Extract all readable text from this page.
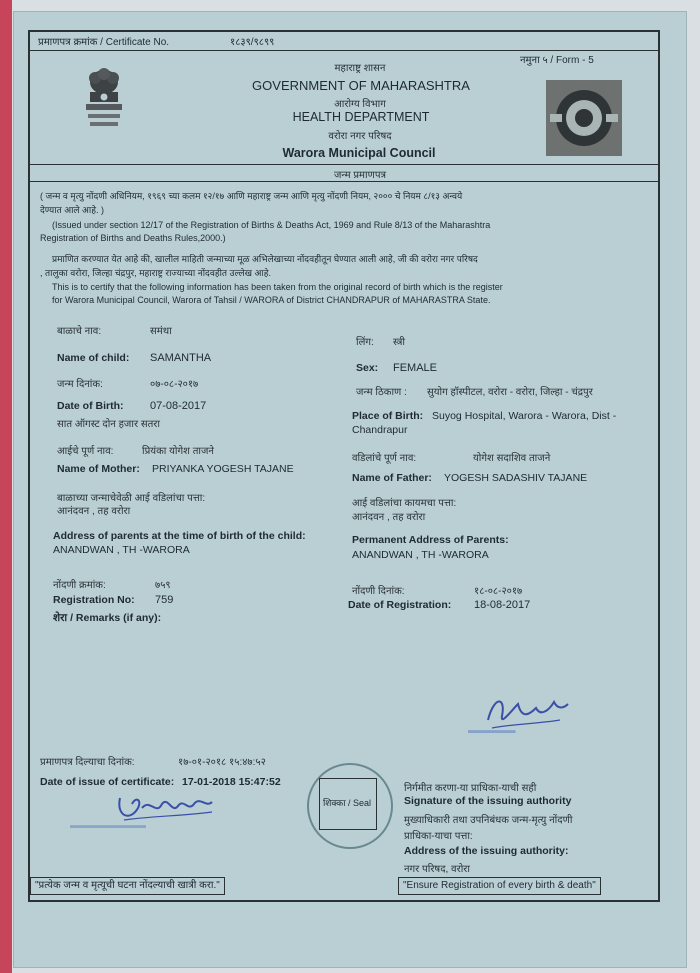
प्रमाणपत्र क्रमांक / Certificate No.	१८३९/९८९९
नमुना ५ / Form - 5
महाराष्ट्र शासन
GOVERNMENT OF MAHARASHTRA
आरोग्य विभाग
HEALTH DEPARTMENT
वरोरा नगर परिषद
Warora Municipal Council
जन्म प्रमाणपत्र
( जन्म व मृत्यु नोंदणी अधिनियम, १९६९ च्या कलम १२/१७ आणि महाराष्ट्र जन्म आणि मृत्यु नोंदणी नियम, २००० चे नियम ८/१३ अन्वये
देण्यात आले आहे. )
(Issued under section 12/17 of the Registration of Births & Deaths Act, 1969 and Rule 8/13 of the Maharashtra
Registration of Births and Deaths Rules,2000.)
प्रमाणित करण्यात येत आहे की, खालील माहिती जन्माच्या मूळ अभिलेखाच्या नोंदवहीतून घेण्यात आली आहे, जी की वरोरा नगर परिषद
, तालुका वरोरा, जिल्हा चंद्रपुर, महाराष्ट्र राज्याच्या नोंदवहीत उल्लेख आहे.
This is to certify that the following information has been taken from the original record of birth which is the register
for Warora Municipal Council, Warora of Tahsil / WARORA of District CHANDRAPUR of MAHARASTRA State.
बाळाचे नाव:	समंथा
Name of child: SAMANTHA
लिंग: स्त्री
Sex: FEMALE
जन्म दिनांक:	०७-०८-२०१७
Date of Birth: 07-08-2017
सात ऑगस्ट दोन हजार सतरा
जन्म ठिकाण : सुयोग हॉस्पीटल, वरोरा - वरोरा, जिल्हा - चंद्रपुर
Place of Birth: Suyog Hospital, Warora - Warora, Dist -
Chandrapur
आईचे पूर्ण नाव:	प्रियंका योगेश ताजने
Name of Mother: PRIYANKA YOGESH TAJANE
वडिलांचे पूर्ण नाव:	योगेश सदाशिव ताजने
Name of Father: YOGESH SADASHIV TAJANE
बाळाच्या जन्माचेवेळी आई वडिलांचा पत्ता:
आनंदवन , तह वरोरा
Address of parents at the time of birth of the child:
ANANDWAN , TH -WARORA
आई वडिलांचा कायमचा पत्ता:
आनंदवन , तह वरोरा
Permanent Address of Parents:
ANANDWAN , TH -WARORA
नोंदणी क्रमांक:	७५९
Registration No: 759
नोंदणी दिनांक:	१८-०८-२०१७
Date of Registration: 18-08-2017
शेरा / Remarks (if any):
▬▬▬▬▬
प्रमाणपत्र दिल्याचा दिनांक:	१७-०१-२०१८ १५:४७:५२
Date of issue of certificate: 17-01-2018 15:47:52
▬▬▬▬▬▬▬▬
शिक्का / Seal
निर्गमीत करणा-या प्राधिका-याची सही
Signature of the issuing authority
मुख्याधिकारी तथा उपनिबंधक जन्म-मृत्यु नोंदणी
प्राधिका-याचा पत्ता:
Address of the issuing authority:
नगर परिषद, वरोरा
"प्रत्येक जन्म व मृत्यूची घटना नोंदल्याची खात्री करा."	"Ensure Registration of every birth & death"
